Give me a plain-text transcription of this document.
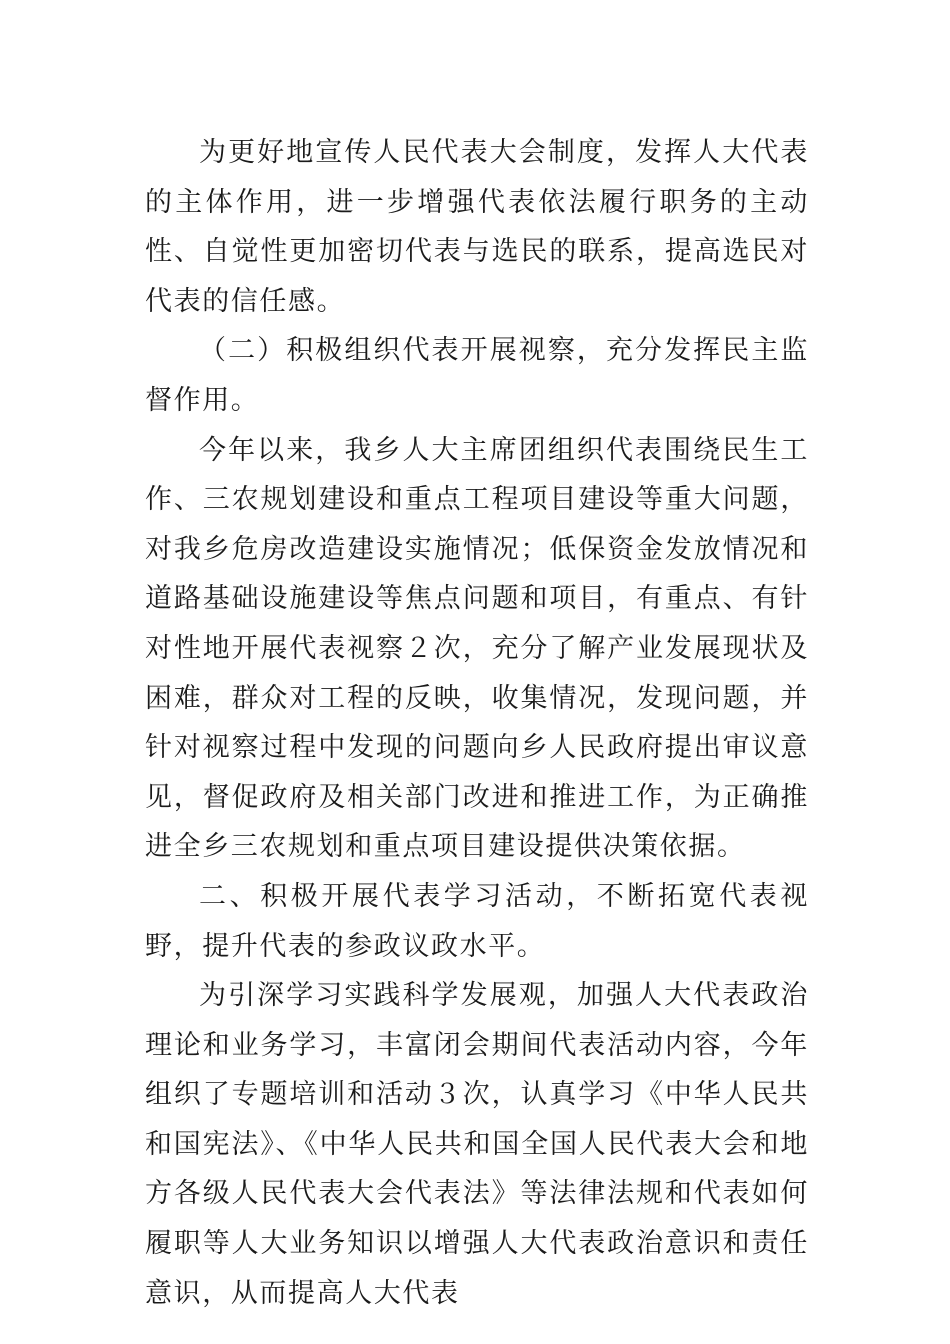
为更好地宣传人民代表大会制度，发挥人大代表的主体作用，进一步增强代表依法履行职务的主动性、自觉性更加密切代表与选民的联系，提高选民对代表的信任感。

（二）积极组织代表开展视察，充分发挥民主监督作用。

今年以来，我乡人大主席团组织代表围绕民生工作、三农规划建设和重点工程项目建设等重大问题，对我乡危房改造建设实施情况；低保资金发放情况和道路基础设施建设等焦点问题和项目，有重点、有针对性地开展代表视察２次，充分了解产业发展现状及困难，群众对工程的反映，收集情况，发现问题，并针对视察过程中发现的问题向乡人民政府提出审议意见，督促政府及相关部门改进和推进工作，为正确推进全乡三农规划和重点项目建设提供决策依据。

二、积极开展代表学习活动，不断拓宽代表视野，提升代表的参政议政水平。

为引深学习实践科学发展观，加强人大代表政治理论和业务学习，丰富闭会期间代表活动内容，今年组织了专题培训和活动３次，认真学习《中华人民共和国宪法》、《中华人民共和国全国人民代表大会和地方各级人民代表大会代表法》等法律法规和代表如何履职等人大业务知识以增强人大代表政治意识和责任意识，从而提高人大代表
